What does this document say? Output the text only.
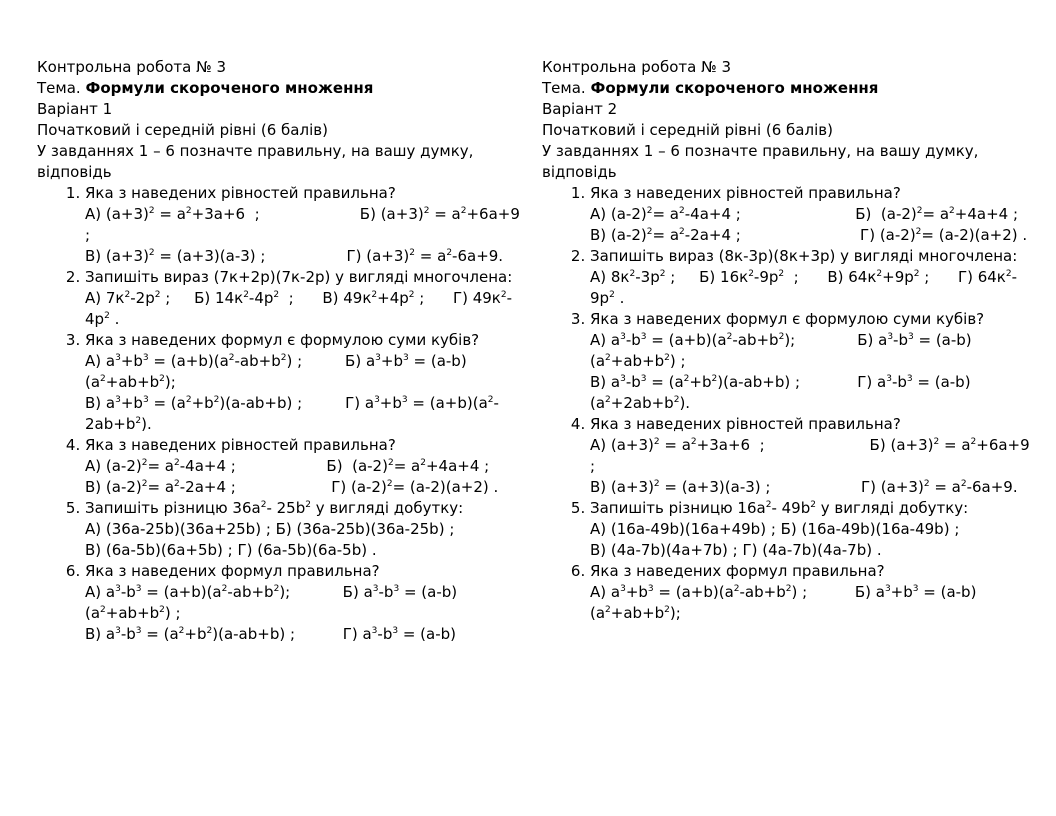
Контрольна робота № 3

Тема. Формули скороченого множення

Варіант 1

Початковий і середній рівні (6 балів)

У завданнях 1 – 6 позначте правильну, на вашу думку,

відповідь

1. Яка з наведених рівностей правильна?

А) $(а+3)^2 = а^2+3а+6$  ;                     Б) $(а+3)^2 = а^2+6а+9$ ;

В) $(а+3)^2 = (а+3)(а-3)$ ;                 Г) $(а+3)^2 = а^2-6а+9$.

2. Запишіть вираз (7к+2р)(7к-2р) у вигляді многочлена:

А) $7к^2-2р^2$ ;     Б) $14к^2-4р^2$  ;      В) $49к^2+4р^2$ ;      Г) $49к^2-4р^2$ .

3. Яка з наведених формул є формулою суми кубів?

А) $а^3+b^3 = (а+b)(а^2-аb+b^2)$ ;         Б) $а^3+b^3 = (а-b)(а^2+аb+b^2)$;

В) $а^3+b^3 = (а^2+b^2)(а-аb+b)$ ;         Г) $а^3+b^3 = (а+b)(а^2-2аb+b^2)$.

4. Яка з наведених рівностей правильна?

А) $(а-2)^2= а^2-4а+4$ ;                   Б)  $(а-2)^2= а^2+4а+4$ ;

В) $(а-2)^2= а^2-2а+4$ ;                    Г) $(а-2)^2= (а-2)(а+2)$ .

5. Запишіть різницю $36а^2-$ $25b^2$ у вигляді добутку:

А) (36а-25b)(36а+25b) ; Б) (36а-25b)(36а-25b) ;

В) (6а-5b)(6а+5b) ; Г) (6а-5b)(6а-5b) .

6. Яка з наведених формул правильна?

А) $а^3-b^3 = (а+b)(а^2-аb+b^2)$;           Б) $а^3-b^3 = (а-b)(а^2+аb+b^2)$ ;

В) $а^3-b^3 = (а^2+b^2)(а-аb+b)$ ;          Г) $а^3-b^3 = (а-b)$

Контрольна робота № 3

Тема. Формули скороченого множення

Варіант 2

Початковий і середній рівні (6 балів)

У завданнях 1 – 6 позначте правильну, на вашу думку, відповідь

1. Яка з наведених рівностей правильна?

А) $(а-2)^2= а^2-4а+4$ ;                        Б)  $(а-2)^2= а^2+4а+4$ ;

В) $(а-2)^2= а^2-2а+4$ ;                         Г) $(а-2)^2= (а-2)(а+2)$ .

2. Запишіть вираз (8к-3р)(8к+3р) у вигляді многочлена:

А) $8к^2-3р^2$ ;     Б) $16к^2-9р^2$  ;      В) $64к^2+9р^2$ ;      Г) $64к^2-9р^2$ .

3. Яка з наведених формул є формулою суми кубів?

А) $а^3-b^3 = (а+b)(а^2-аb+b^2)$;             Б) $а^3-b^3 = (а-b)(а^2+аb+b^2)$ ;

В) $а^3-b^3 = (а^2+b^2)(а-аb+b)$ ;            Г) $а^3-b^3 = (а-b)(а^2+2аb+b^2)$.

4. Яка з наведених рівностей правильна?

А) $(а+3)^2 = а^2+3а+6$  ;                      Б) $(а+3)^2 = а^2+6а+9$ ;

В) $(а+3)^2 = (а+3)(а-3)$ ;                   Г) $(а+3)^2 = а^2-6а+9$.

5. Запишіть різницю $16а^2-$ $49b^2$ у вигляді добутку:

А) (16а-49b)(16а+49b) ; Б) (16а-49b)(16а-49b) ;

В) (4а-7b)(4а+7b) ; Г) (4а-7b)(4а-7b) .

6. Яка з наведених формул правильна?

А) $а^3+b^3 = (а+b)(а^2-аb+b^2)$ ;          Б) $а^3+b^3 = (а-b)(а^2+аb+b^2)$;
